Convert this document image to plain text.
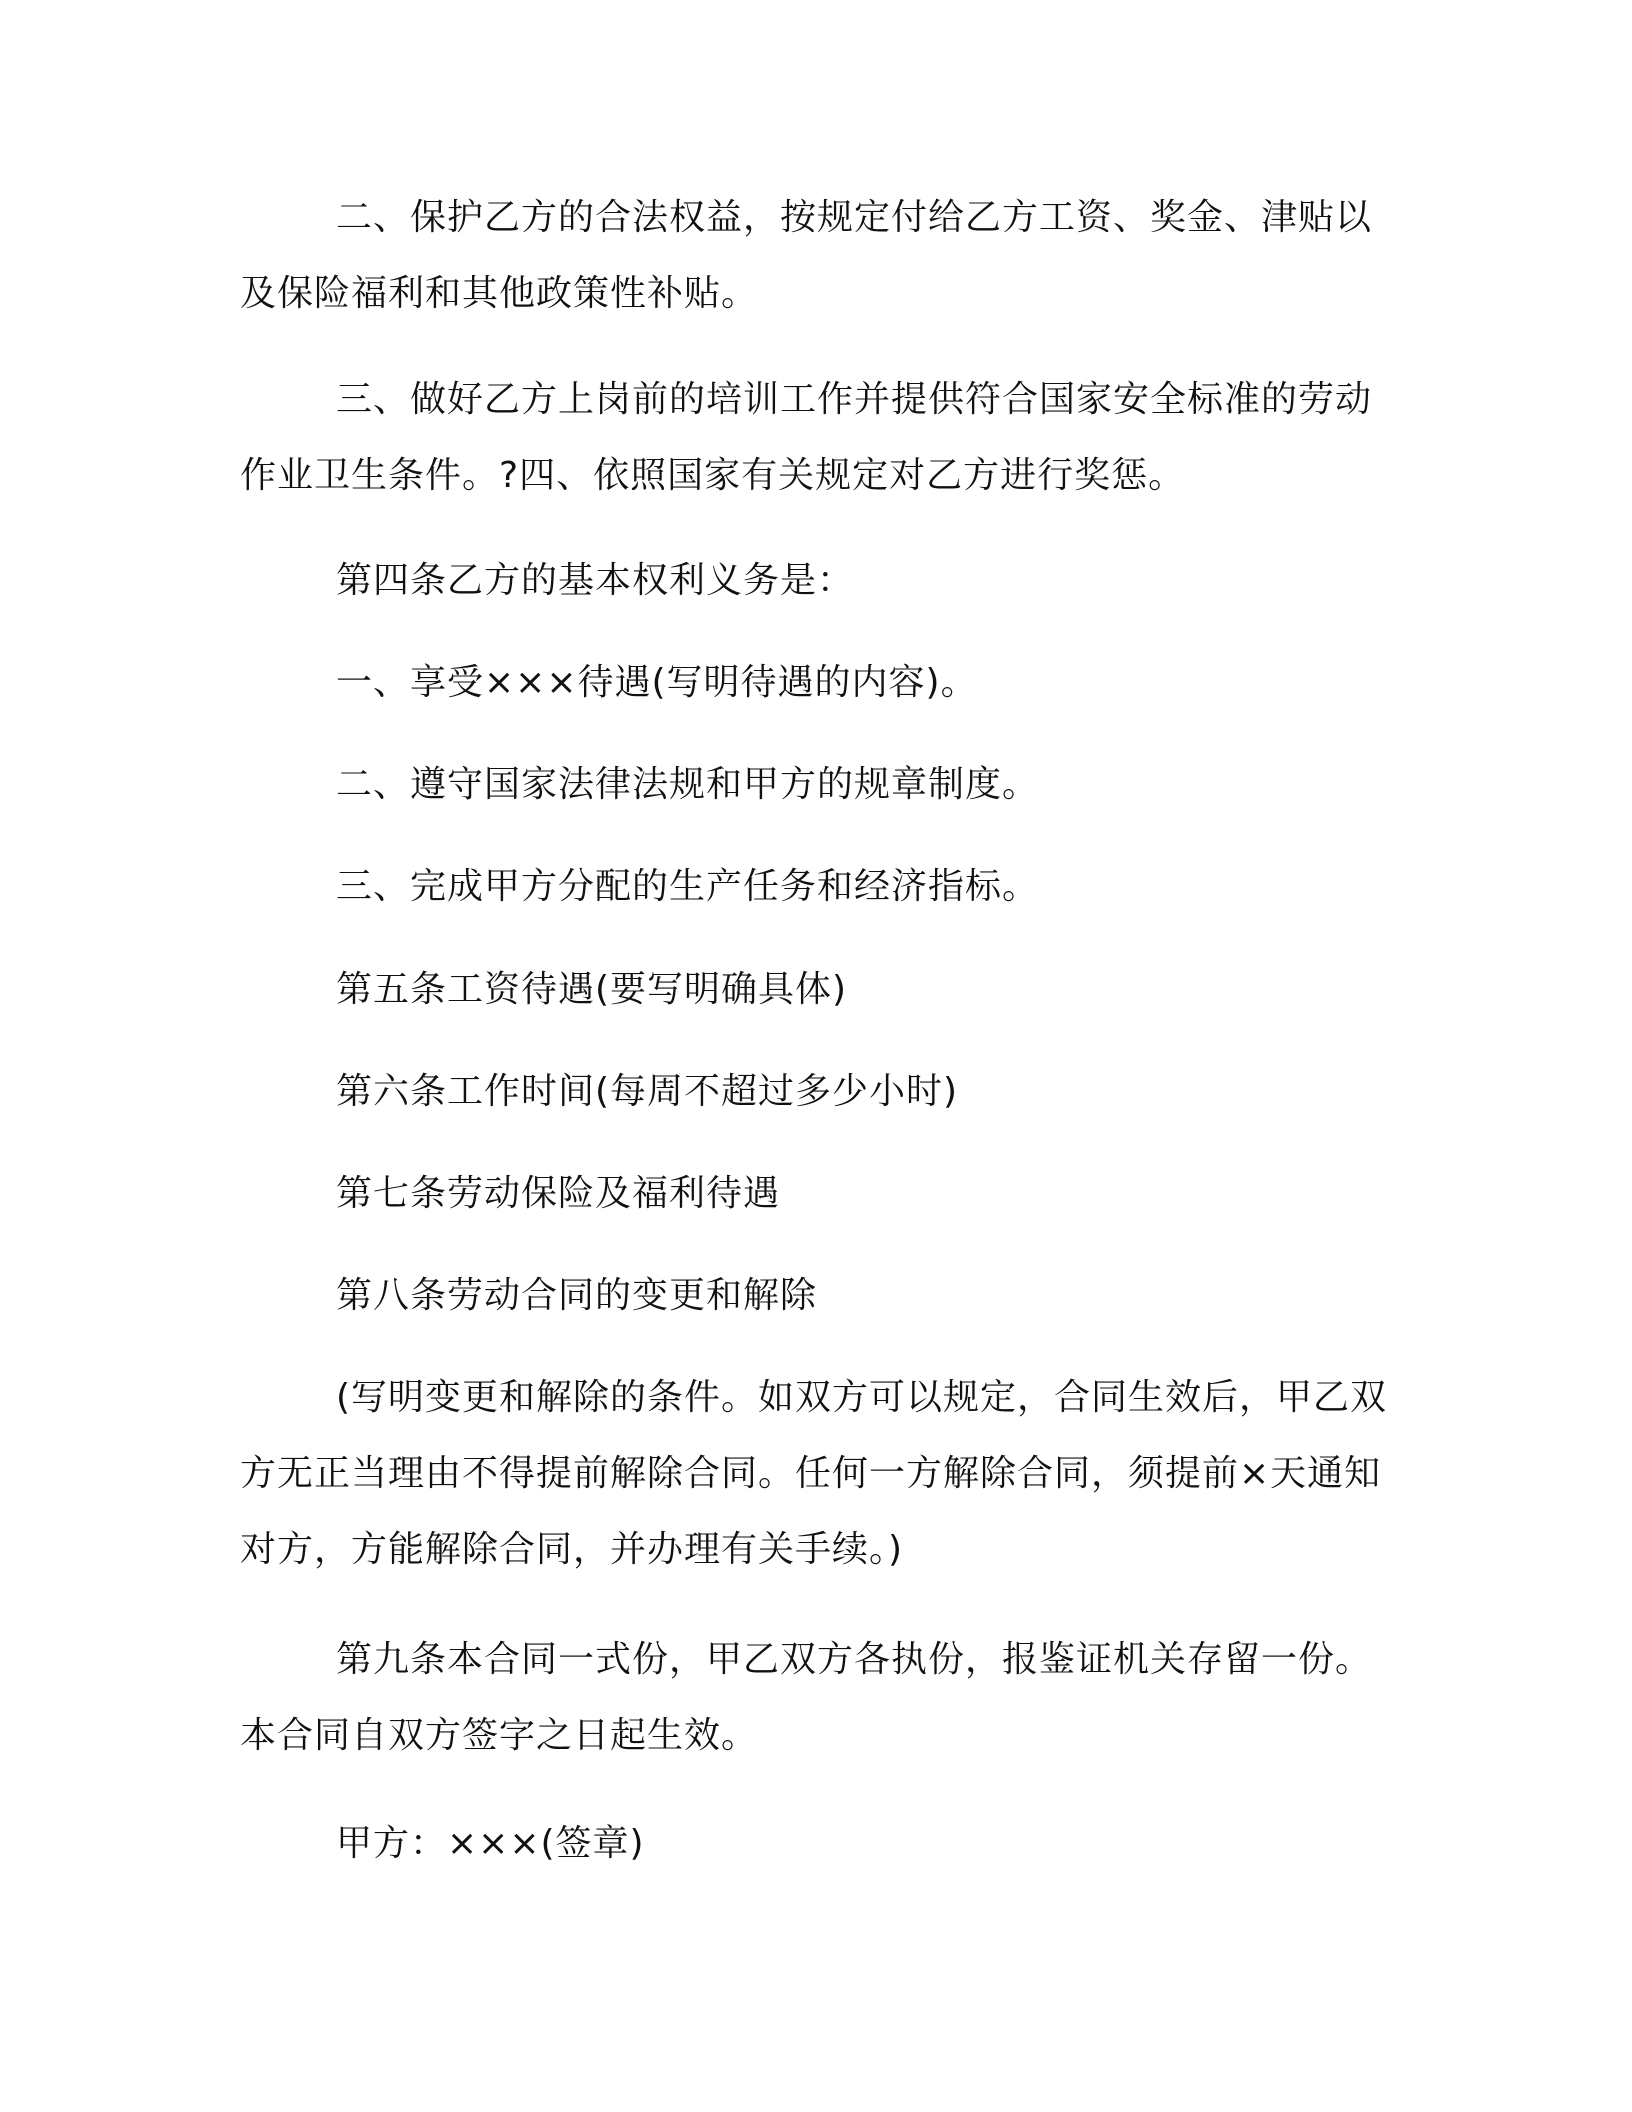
二、保护乙方的合法权益，按规定付给乙方工资、奖金、津贴以及保险福利和其他政策性补贴。

三、做好乙方上岗前的培训工作并提供符合国家安全标准的劳动作业卫生条件。?四、依照国家有关规定对乙方进行奖惩。

第四条乙方的基本权利义务是：

一、享受×××待遇(写明待遇的内容)。

二、遵守国家法律法规和甲方的规章制度。

三、完成甲方分配的生产任务和经济指标。

第五条工资待遇(要写明确具体)

第六条工作时间(每周不超过多少小时)

第七条劳动保险及福利待遇

第八条劳动合同的变更和解除

(写明变更和解除的条件。如双方可以规定，合同生效后，甲乙双方无正当理由不得提前解除合同。任何一方解除合同，须提前×天通知对方，方能解除合同，并办理有关手续。)

第九条本合同一式份，甲乙双方各执份，报鉴证机关存留一份。本合同自双方签字之日起生效。

甲方：×××(签章)
